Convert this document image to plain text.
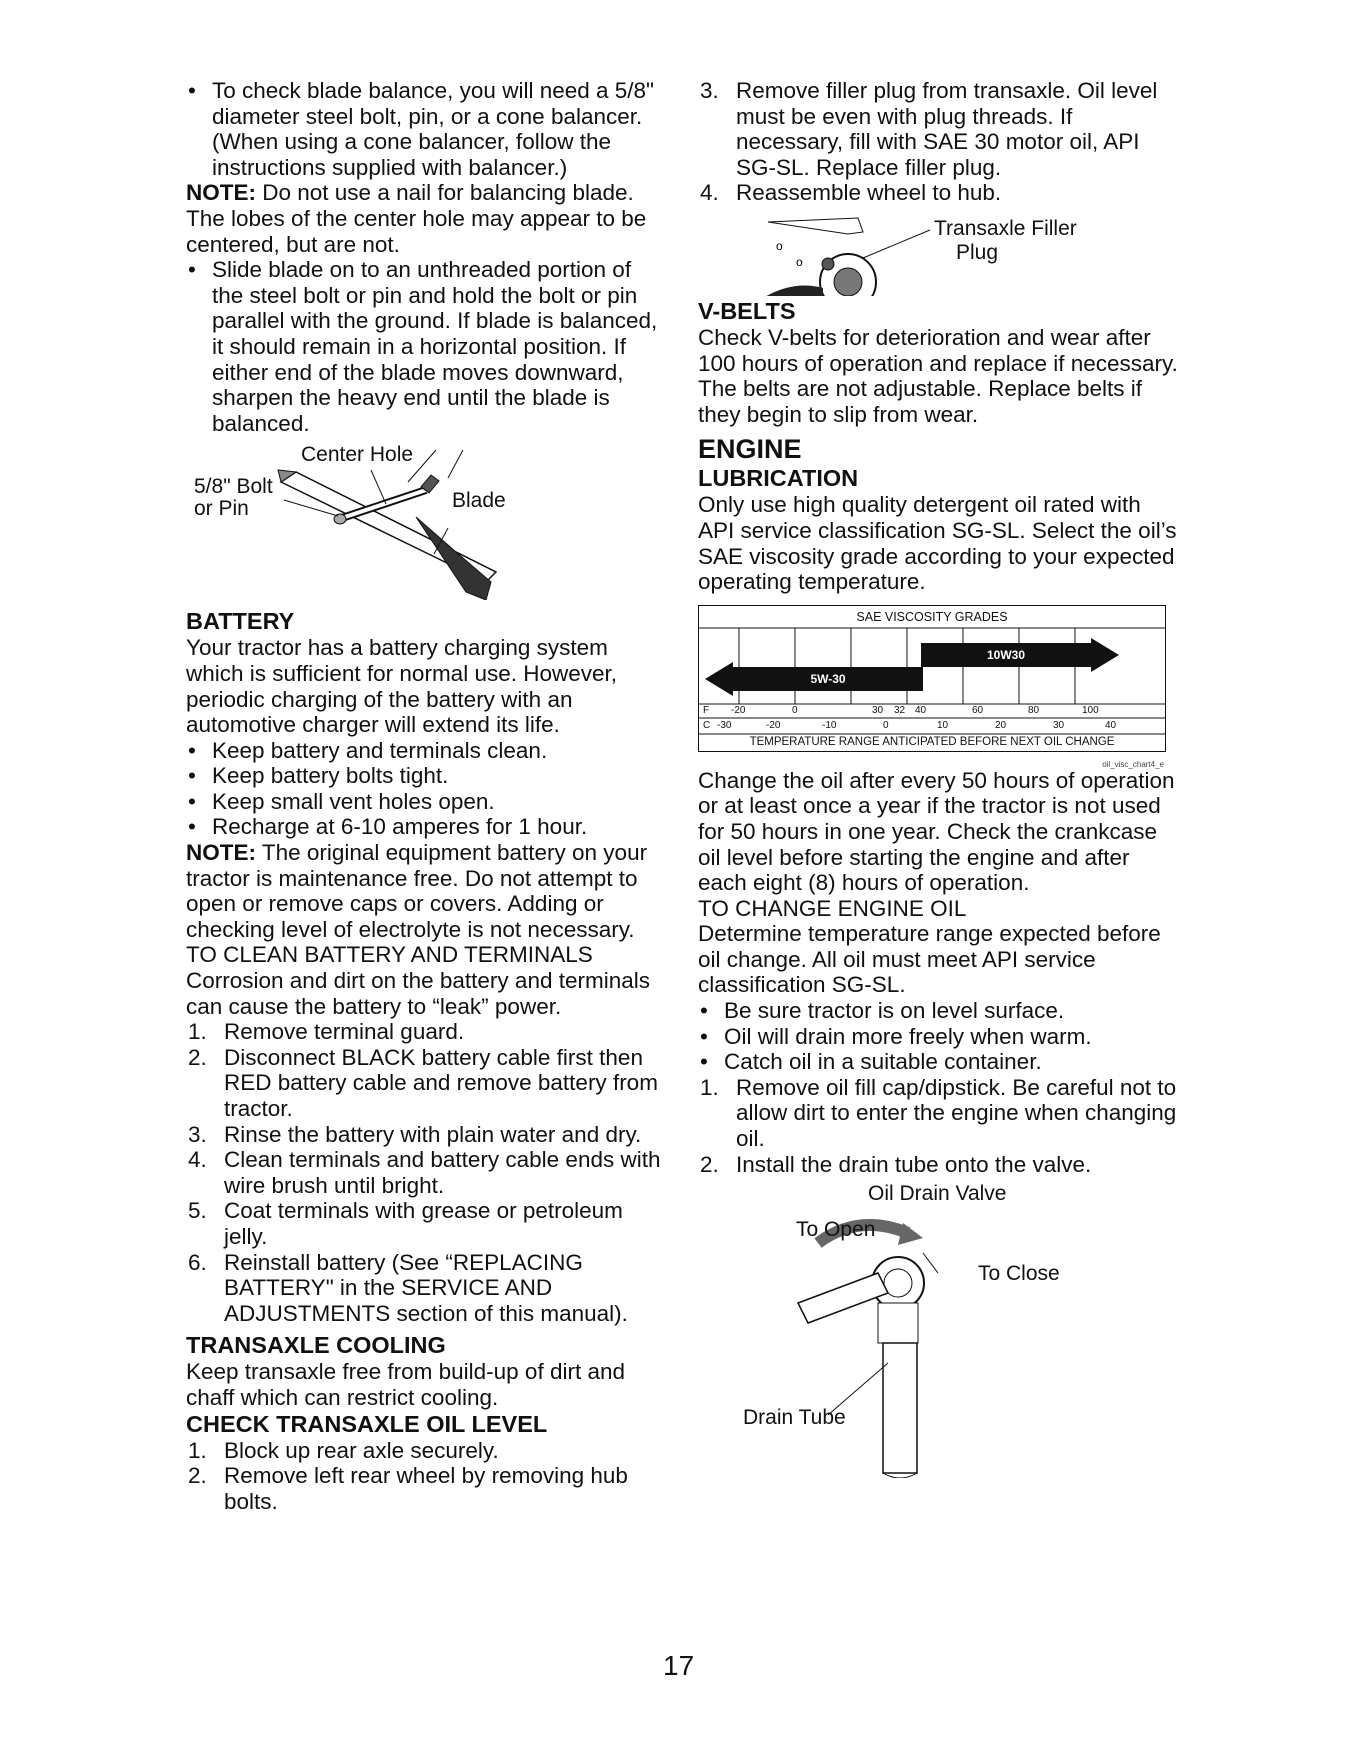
• To check blade balance, you will need a 5/8" diameter steel bolt, pin, or a cone balancer. (When using a cone balancer, follow the instructions supplied with balancer.)

NOTE: Do not use a nail for balancing blade. The lobes of the center hole may appear to be centered, but are not.

• Slide blade on to an unthreaded portion of the steel bolt or pin and hold the bolt or pin parallel with the ground. If blade is balanced, it should remain in a horizontal position. If either end of the blade moves downward, sharpen the heavy end until the blade is balanced.

Center Hole
5/8" Bolt
or Pin	Blade
BATTERY

Your tractor has a battery charging system which is sufficient for normal use. However, periodic charging of the battery with an automotive charger will extend its life.

• Keep battery and terminals clean.

• Keep battery bolts tight.

• Keep small vent holes open.

• Recharge at 6-10 amperes for 1 hour.

NOTE: The original equipment battery on your tractor is maintenance free. Do not attempt to open or remove caps or covers. Adding or checking level of electrolyte is not necessary.

TO CLEAN BATTERY AND TERMINALS

Corrosion and dirt on the battery and terminals can cause the battery to “leak” power.

1. Remove terminal guard.

2. Disconnect BLACK battery cable first then RED battery cable and remove battery from tractor.

3. Rinse the battery with plain water and dry.

4. Clean terminals and battery cable ends with wire brush until bright.

5. Coat terminals with grease or petroleum jelly.

6. Reinstall battery (See “REPLACING BATTERY" in the SERVICE AND ADJUSTMENTS section of this manual).

TRANSAXLE COOLING

Keep transaxle free from build-up of dirt and chaff which can restrict cooling.

CHECK TRANSAXLE OIL LEVEL

1. Block up rear axle securely.

2. Remove left rear wheel by removing hub bolts.

3. Remove filler plug from transaxle. Oil level must be even with plug threads. If necessary, fill with SAE 30 motor oil, API SG-SL. Replace filler plug.

4. Reassemble wheel to hub.

o
o
Transaxle Filler
Plug
V-BELTS

Check V-belts for deterioration and wear after 100 hours of operation and replace if necessary. The belts are not adjustable. Replace belts if they begin to slip from wear.

ENGINE
LUBRICATION

Only use high quality detergent oil rated with API service classification SG-SL. Select the oil’s SAE viscosity grade according to your expected operating temperature.

SAE VISCOSITY GRADES
10W30
5W-30
F -20	0	30 32 40	60	80	100
C -30	-20	-10	0	10	20	30	40
TEMPERATURE RANGE ANTICIPATED BEFORE NEXT OIL CHANGE
oil_visc_chart4_e

Change the oil after every 50 hours of operation or at least once a year if the tractor is not used for 50 hours in one year. Check the crankcase oil level before starting the engine and after each eight (8) hours of operation.

TO CHANGE ENGINE OIL

Determine temperature range expected before oil change. All oil must meet API service classification SG-SL.

• Be sure tractor is on level surface.

• Oil will drain more freely when warm.

• Catch oil in a suitable container.

1. Remove oil fill cap/dipstick. Be careful not to allow dirt to enter the engine when changing oil.

2. Install the drain tube onto the valve.

Oil Drain Valve
To Open
To Close
Drain Tube
17
